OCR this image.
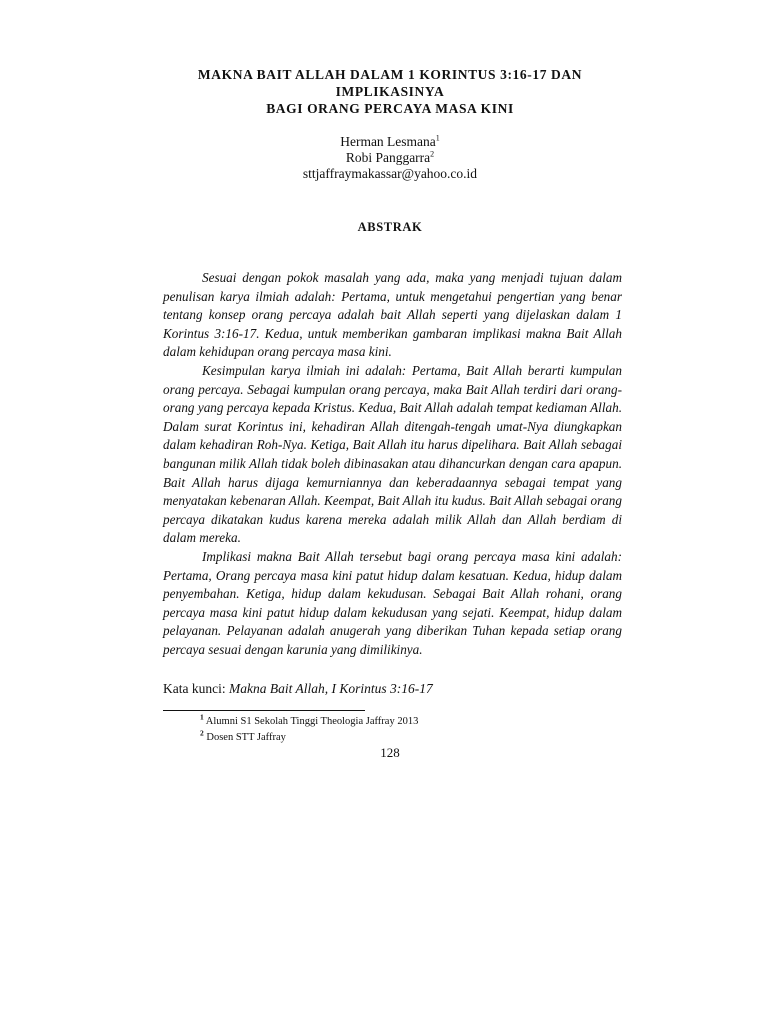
MAKNA BAIT ALLAH DALAM 1 KORINTUS 3:16-17 DAN
IMPLIKASINYA
BAGI ORANG PERCAYA MASA KINI
Herman Lesmana$^1$
Robi Panggarra$^2$
sttjaffraymakassar@yahoo.co.id
ABSTRAK

Sesuai dengan pokok masalah yang ada, maka yang menjadi tujuan dalam penulisan karya ilmiah adalah: Pertama, untuk mengetahui pengertian yang benar tentang konsep orang percaya adalah bait Allah seperti yang dijelaskan dalam 1 Korintus 3:16-17. Kedua, untuk memberikan gambaran implikasi makna Bait Allah dalam kehidupan orang percaya masa kini.

Kesimpulan karya ilmiah ini adalah: Pertama, Bait Allah berarti kumpulan orang percaya. Sebagai kumpulan orang percaya, maka Bait Allah terdiri dari orang-orang yang percaya kepada Kristus. Kedua, Bait Allah adalah tempat kediaman Allah. Dalam surat Korintus ini, kehadiran Allah ditengah-tengah umat-Nya diungkapkan dalam kehadiran Roh-Nya. Ketiga, Bait Allah itu harus dipelihara. Bait Allah sebagai bangunan milik Allah tidak boleh dibinasakan atau dihancurkan dengan cara apapun. Bait Allah harus dijaga kemurniannya dan keberadaannya sebagai tempat yang menyatakan kebenaran Allah. Keempat, Bait Allah itu kudus. Bait Allah sebagai orang percaya dikatakan kudus karena mereka adalah milik Allah dan Allah berdiam di dalam mereka.

Implikasi makna Bait Allah tersebut bagi orang percaya masa kini adalah: Pertama, Orang percaya masa kini patut hidup dalam kesatuan. Kedua, hidup dalam penyembahan. Ketiga, hidup dalam kekudusan. Sebagai Bait Allah rohani, orang percaya masa kini patut hidup dalam kekudusan yang sejati. Keempat, hidup dalam pelayanan. Pelayanan adalah anugerah yang diberikan Tuhan kepada setiap orang percaya sesuai dengan karunia yang dimilikinya.

Kata kunci: Makna Bait Allah, I Korintus 3:16-17
$^1$ Alumni S1 Sekolah Tinggi Theologia Jaffray 2013
$^2$ Dosen STT Jaffray
128
